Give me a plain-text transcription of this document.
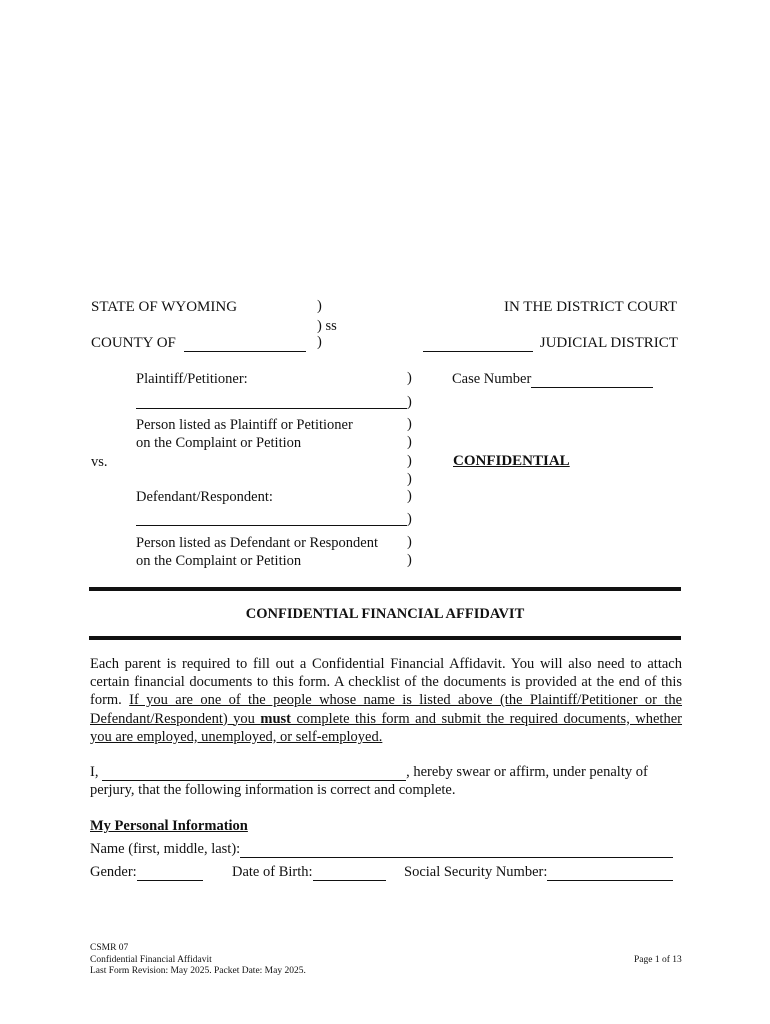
STATE OF WYOMING	)	IN THE DISTRICT COURT
) ss
COUNTY OF	)	JUDICIAL DISTRICT
Plaintiff/Petitioner:	)	Case Number
)
Person listed as Plaintiff or Petitioner	)
on the Complaint or Petition	)
vs.	)	CONFIDENTIAL
)
Defendant/Respondent:	)
)
Person listed as Defendant or Respondent )
on the Complaint or Petition	)
CONFIDENTIAL FINANCIAL AFFIDAVIT
Each parent is required to fill out a Confidential Financial Affidavit. You will also need to attach certain financial documents to this form. A checklist of the documents is provided at the end of this form. If you are one of the people whose name is listed above (the Plaintiff/Petitioner or the Defendant/Respondent) you must complete this form and submit the required documents, whether you are employed, unemployed, or self-employed.
I,	, hereby swear or affirm, under penalty of
perjury, that the following information is correct and complete.
My Personal Information
Name (first, middle, last):
Gender:	Date of Birth:	Social Security Number:
CSMR 07
Confidential Financial Affidavit
Last Form Revision: May 2025. Packet Date: May 2025.
Page 1 of 13
